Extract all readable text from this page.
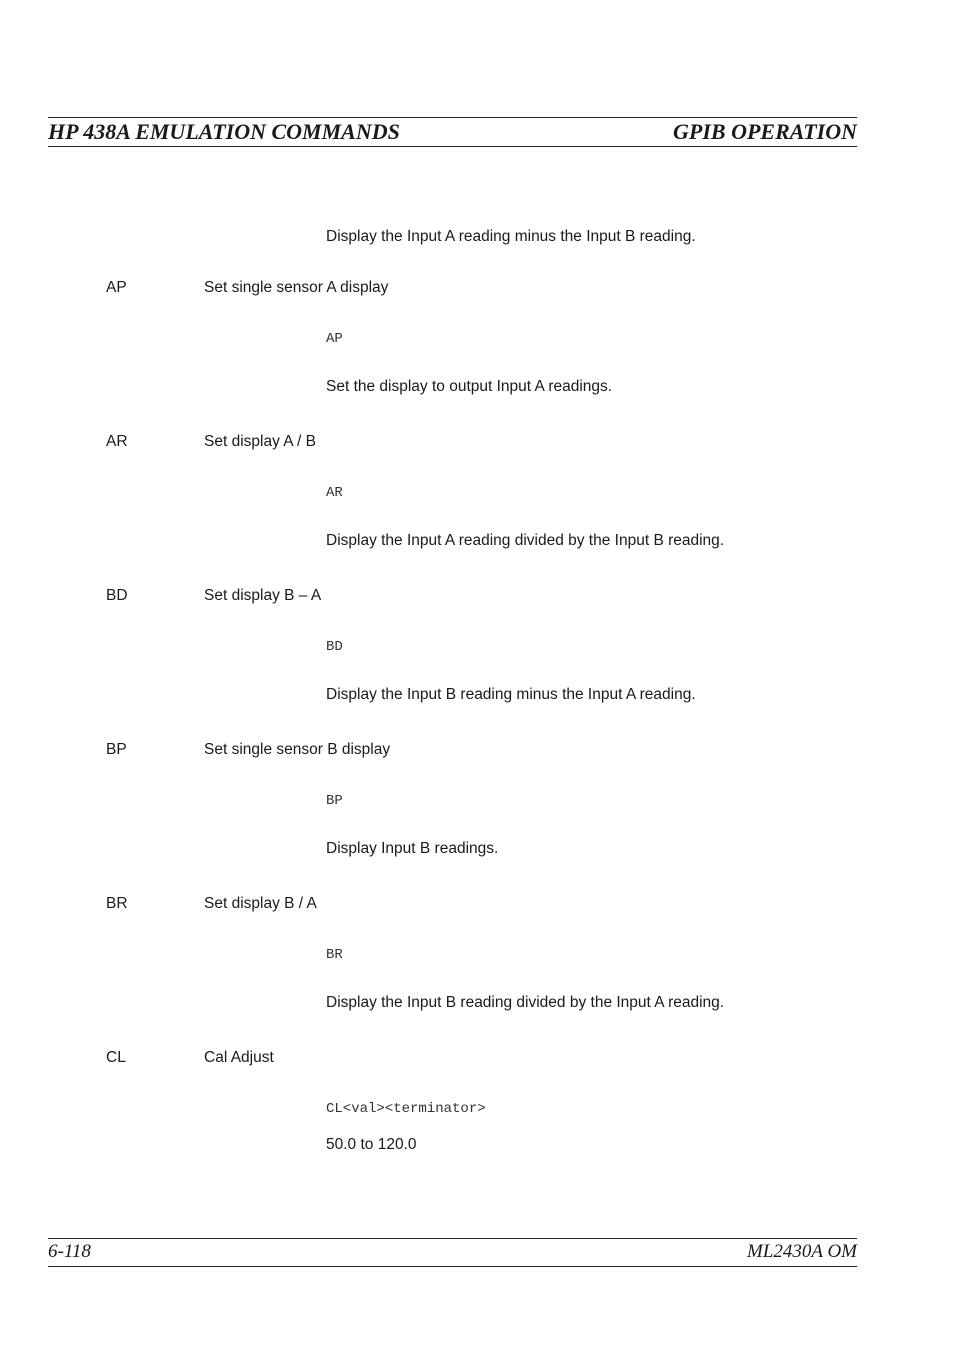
HP 438A EMULATION COMMANDS	GPIB OPERATION
Display the Input A reading minus the Input B reading.
AP	Set single sensor A display
AP
Set the display to output Input A readings.
AR	Set display A / B
AR
Display the Input A reading divided by the Input B reading.
BD	Set display B – A
BD
Display the Input B reading minus the Input A reading.
BP	Set single sensor B display
BP
Display Input B readings.
BR	Set display B / A
BR
Display the Input B reading divided by the Input A reading.
CL	Cal Adjust
CL<val><terminator>
50.0 to 120.0
6-118	ML2430A OM
